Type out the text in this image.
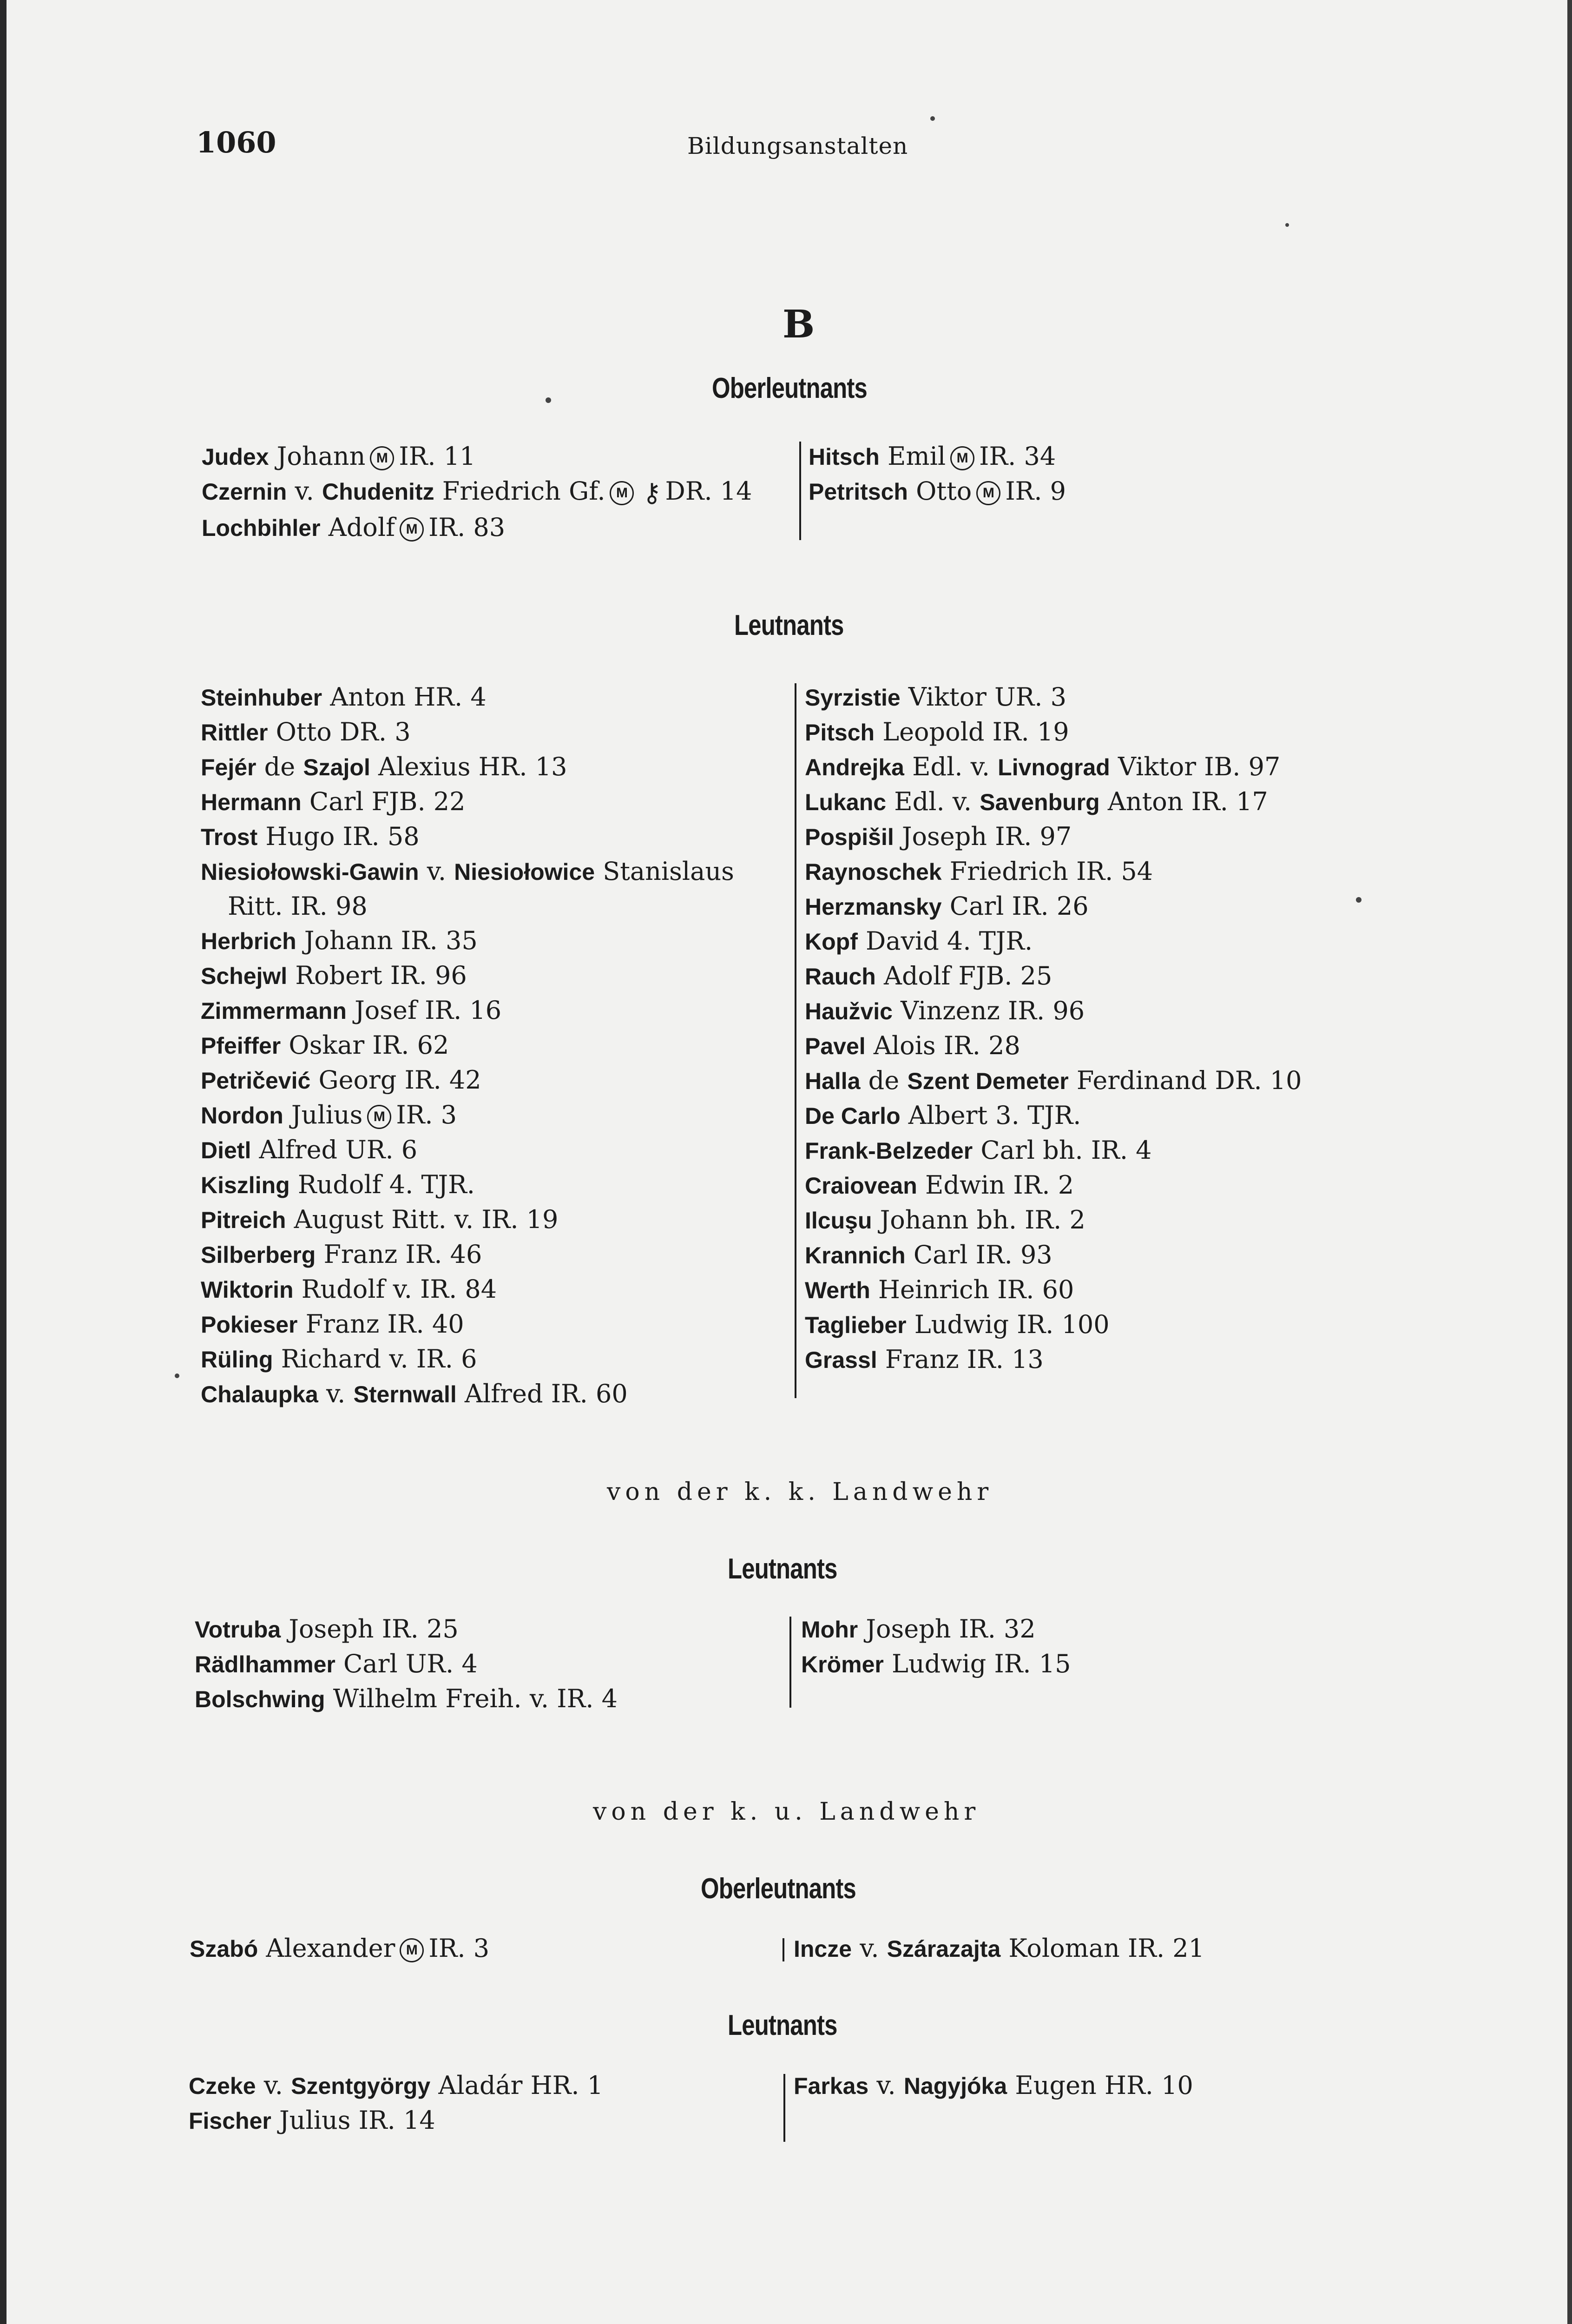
1060	Bildungsanstalten
B
Oberleutnants
Judex Johann M IR. 11
Czernin v. Chudenitz Friedrich Gf. M ⚷ DR. 14
Lochbihler Adolf M IR. 83
Hitsch Emil M IR. 34
Petritsch Otto M IR. 9
Leutnants
Steinhuber Anton HR. 4
Rittler Otto DR. 3
Fejér de Szajol Alexius HR. 13
Hermann Carl FJB. 22
Trost Hugo IR. 58
Niesiołowski-Gawin v. Niesiołowice Stanislaus
Ritt. IR. 98
Herbrich Johann IR. 35
Schejwl Robert IR. 96
Zimmermann Josef IR. 16
Pfeiffer Oskar IR. 62
Petričević Georg IR. 42
Nordon Julius M IR. 3
Dietl Alfred UR. 6
Kiszling Rudolf 4. TJR.
Pitreich August Ritt. v. IR. 19
Silberberg Franz IR. 46
Wiktorin Rudolf v. IR. 84
Pokieser Franz IR. 40
Rüling Richard v. IR. 6
Chalaupka v. Sternwall Alfred IR. 60
Syrzistie Viktor UR. 3
Pitsch Leopold IR. 19
Andrejka Edl. v. Livnograd Viktor IB. 97
Lukanc Edl. v. Savenburg Anton IR. 17
Pospišil Joseph IR. 97
Raynoschek Friedrich IR. 54
Herzmansky Carl IR. 26
Kopf David 4. TJR.
Rauch Adolf FJB. 25
Haužvic Vinzenz IR. 96
Pavel Alois IR. 28
Halla de Szent Demeter Ferdinand DR. 10
De Carlo Albert 3. TJR.
Frank-Belzeder Carl bh. IR. 4
Craiovean Edwin IR. 2
Ilcuşu Johann bh. IR. 2
Krannich Carl IR. 93
Werth Heinrich IR. 60
Taglieber Ludwig IR. 100
Grassl Franz IR. 13
von der k. k. Landwehr
Leutnants
Votruba Joseph IR. 25
Rädlhammer Carl UR. 4
Bolschwing Wilhelm Freih. v. IR. 4
Mohr Joseph IR. 32
Krömer Ludwig IR. 15
von der k. u. Landwehr
Oberleutnants
Szabó Alexander M IR. 3	Incze v. Szárazajta Koloman IR. 21
Leutnants
Czeke v. Szentgyörgy Aladár HR. 1
Fischer Julius IR. 14
Farkas v. Nagyjóka Eugen HR. 10
